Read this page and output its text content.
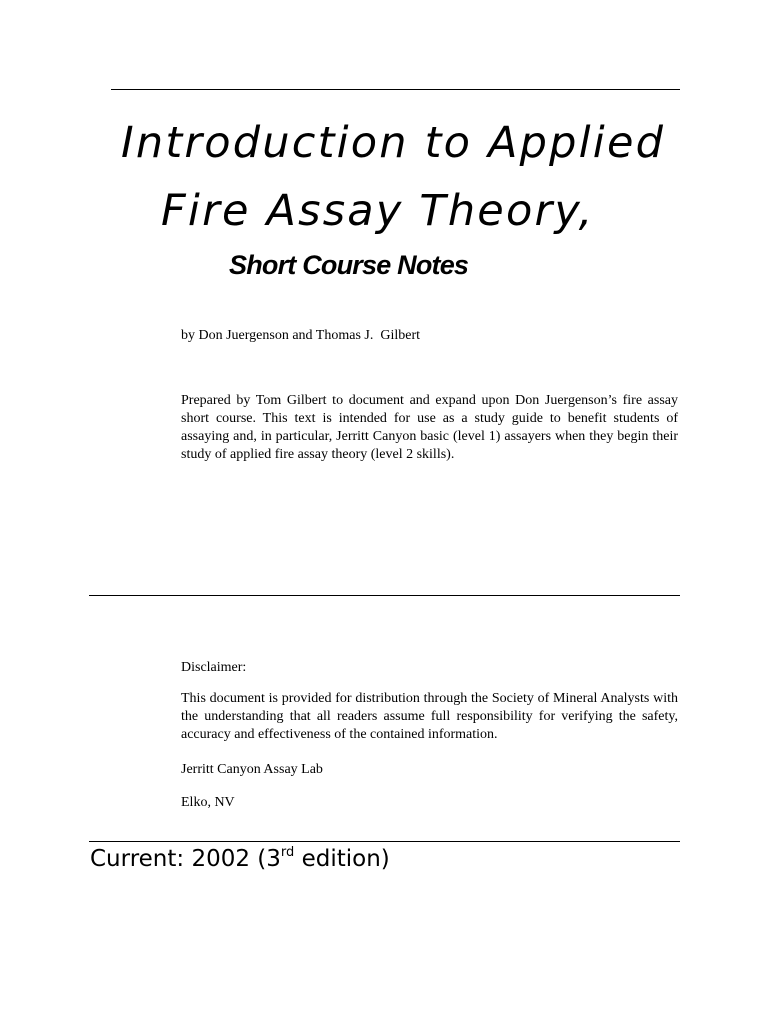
Introduction to Applied
Fire Assay Theory,
Short Course Notes

by Don Juergenson and Thomas J.  Gilbert

Prepared by Tom Gilbert to document and expand upon Don Juergenson’s fire assay short course. This text is intended for use as a study guide to benefit students of assaying and, in particular, Jerritt Canyon basic (level 1) assayers when they begin their study of applied fire assay theory (level 2 skills).

Disclaimer:

This document is provided for distribution through the Society of Mineral Analysts with the understanding that all readers assume full responsibility for verifying the safety, accuracy and effectiveness of the contained information.

Jerritt Canyon Assay Lab

Elko, NV

Current: 2002 (3rd edition)
